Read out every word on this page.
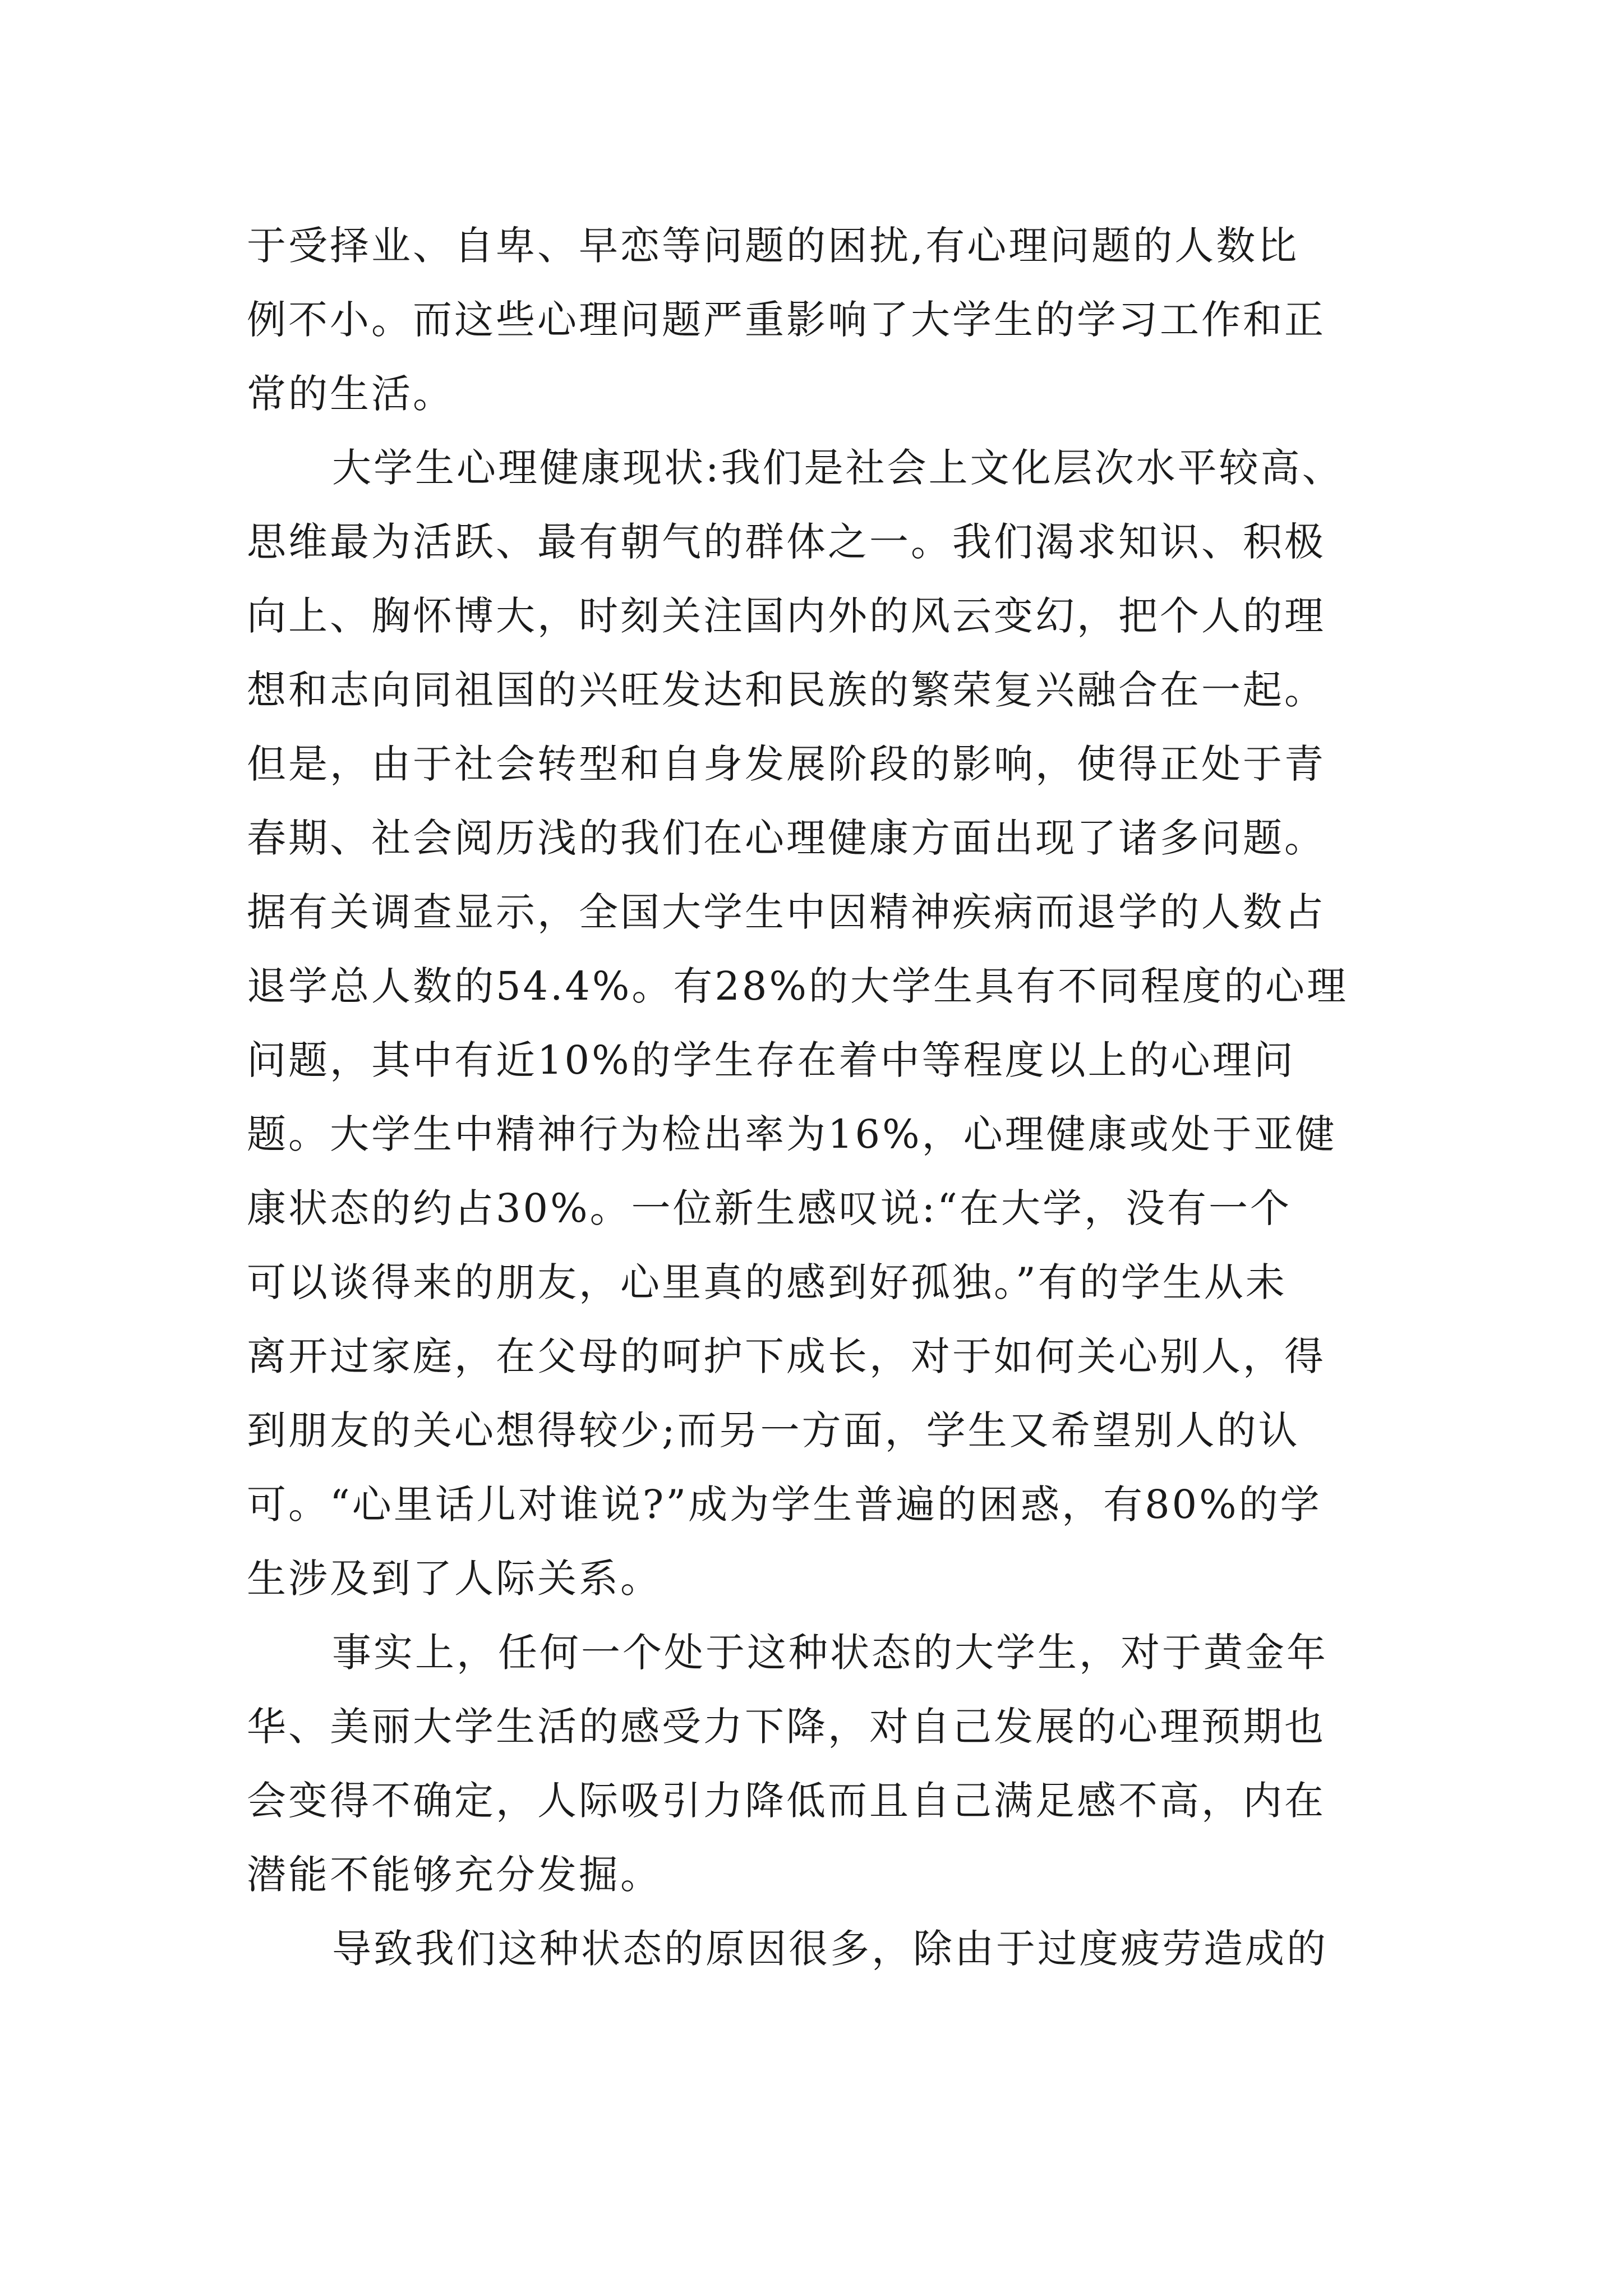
于受择业、自卑、早恋等问题的困扰,有心理问题的人数比
例不小。而这些心理问题严重影响了大学生的学习工作和正
常的生活。
大学生心理健康现状:我们是社会上文化层次水平较高、
思维最为活跃、最有朝气的群体之一。我们渴求知识、积极
向上、胸怀博大，时刻关注国内外的风云变幻，把个人的理
想和志向同祖国的兴旺发达和民族的繁荣复兴融合在一起。
但是，由于社会转型和自身发展阶段的影响，使得正处于青
春期、社会阅历浅的我们在心理健康方面出现了诸多问题。
据有关调查显示，全国大学生中因精神疾病而退学的人数占
退学总人数的54.4%。有28%的大学生具有不同程度的心理
问题，其中有近10%的学生存在着中等程度以上的心理问
题。大学生中精神行为检出率为16%，心理健康或处于亚健
康状态的约占30%。一位新生感叹说:“在大学，没有一个
可以谈得来的朋友，心里真的感到好孤独。”有的学生从未
离开过家庭，在父母的呵护下成长，对于如何关心别人，得
到朋友的关心想得较少;而另一方面，学生又希望别人的认
可。“心里话儿对谁说?”成为学生普遍的困惑，有80%的学
生涉及到了人际关系。
事实上，任何一个处于这种状态的大学生，对于黄金年
华、美丽大学生活的感受力下降，对自己发展的心理预期也
会变得不确定，人际吸引力降低而且自己满足感不高，内在
潜能不能够充分发掘。
导致我们这种状态的原因很多，除由于过度疲劳造成的
